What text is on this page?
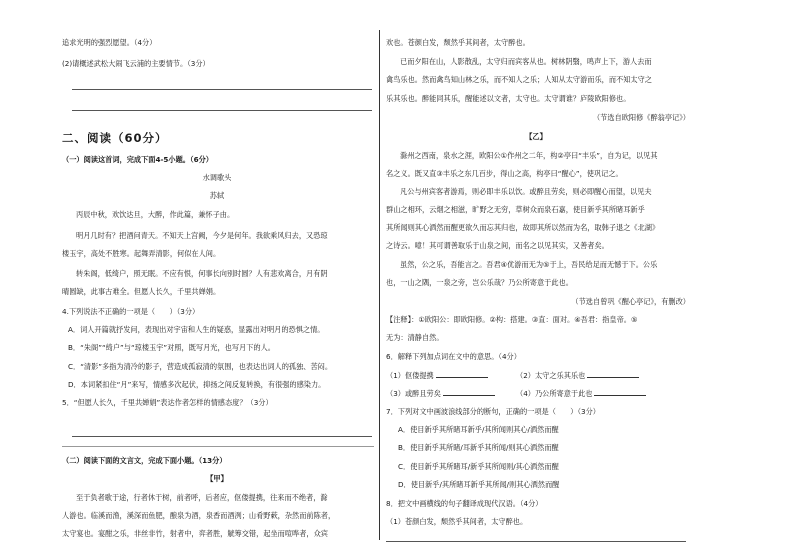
追求光明的强烈愿望。（4分）
(2)请概述武松大闹飞云浦的主要情节。（3分）
二、阅读（60分）
（一）阅读这首词，完成下面4-5小题。（6分）
水调歌头
苏轼
丙辰中秋，欢饮达旦，大醉，作此篇，兼怀子由。
明月几时有？把酒问青天。不知天上宫阙，今夕是何年。我欲乘风归去，又恐琼
楼玉宇，高处不胜寒。起舞弄清影，何似在人间。
转朱阁，低绮户，照无眠。不应有恨，何事长向别时圆？人有悲欢离合，月有阴
晴圆缺，此事古难全。但愿人长久，千里共婵娟。
4.下列说法不正确的一项是（　　）（3分）
A．词人开篇就抒发问，表现出对宇宙和人生的疑惑，显露出对明月的恐惧之情。
B．“朱阁”“绮户”与“琼楼玉宇”对照，既写月光，也写月下的人。
C．“清影”多指为清冷的影子，营造成孤寂清的氛围，也表达出词人的孤独、苦闷。
D．本词紧扣住“月”来写，情感多次起伏，抑扬之间反复转换，有很强的感染力。
5．“但愿人长久，千里共婵娟”表达作者怎样的情感态度？（3分）
（二）阅读下面的文言文，完成下面小题。（13分）
【甲】
至于负者歌于途，行者休于树，前者呼，后者应，伛偻提携，往来而不绝者，滁
人游也。临溪而渔，溪深而鱼肥，酿泉为酒，泉香而酒洌；山肴野蔌，杂然而前陈者，
太守宴也。宴酣之乐，非丝非竹，射者中，弈者胜，觥筹交错，起坐而喧哗者，众宾
欢也。苍颜白发，颓然乎其间者，太守醉也。
已而夕阳在山，人影散乱，太守归而宾客从也。树林阴翳，鸣声上下，游人去而
禽鸟乐也。然而禽鸟知山林之乐，而不知人之乐；人知从太守游而乐，而不知太守之
乐其乐也。醉能同其乐，醒能述以文者，太守也。太守谓谁？庐陵欧阳修也。
（节选自欧阳修《醉翁亭记》）
【乙】
滁州之西南，泉水之涯，欧阳公①作州之二年，构②亭曰“丰乐”，自为记，以见其
名之义。既又直③丰乐之东几百步，得山之高，构亭曰“醒心”，使巩记之。
凡公与州宾客者游焉，则必即丰乐以饮。或醉且劳矣，则必即醒心而望，以见夫
群山之相环，云烟之相滋，旷野之无穷，草树众而泉石嘉，使目新乎其所睹耳新乎
其所闻则其心洒然而醒更欲久而忘其归也，故即其所以然而为名，取韩子退之《北湖》
之诗云。噫！其可谓善取乐于山泉之间，而名之以见其实，又善者矣。
虽然，公之乐，吾能言之。吾君④优游而无为⑤于上，吾民给足而无憾于下。公乐
也，一山之隅，一泉之旁，岂公乐哉？乃公所寄意于此也。
（节选自曾巩《醒心亭记》，有删改）
【注释】：①欧阳公：即欧阳修。②构：搭建。③直：面对。④吾君：指皇帝。⑤
无为：清静自然。
6．解释下列加点词在文中的意思。（4分）
（1）伛偻提携	（2）太守之乐其乐也
（3）或醉且劳矣	（4）乃公所寄意于此也
7．下列对文中画波浪线部分的断句，正确的一项是（　　）（3分）
A．使目新乎其所睹耳新乎/其所闻则其心/洒然而醒
B．使目新乎其所睹/耳新乎其所闻/则其心洒然而醒
C．使目新乎其所睹耳/新乎其所闻则/其心洒然而醒
D．使目新乎/其所睹耳新乎其所闻/则其心洒然而醒
8．把文中画横线的句子翻译成现代汉语。（4分）
（1）苍颜白发，颓然乎其间者，太守醉也。
